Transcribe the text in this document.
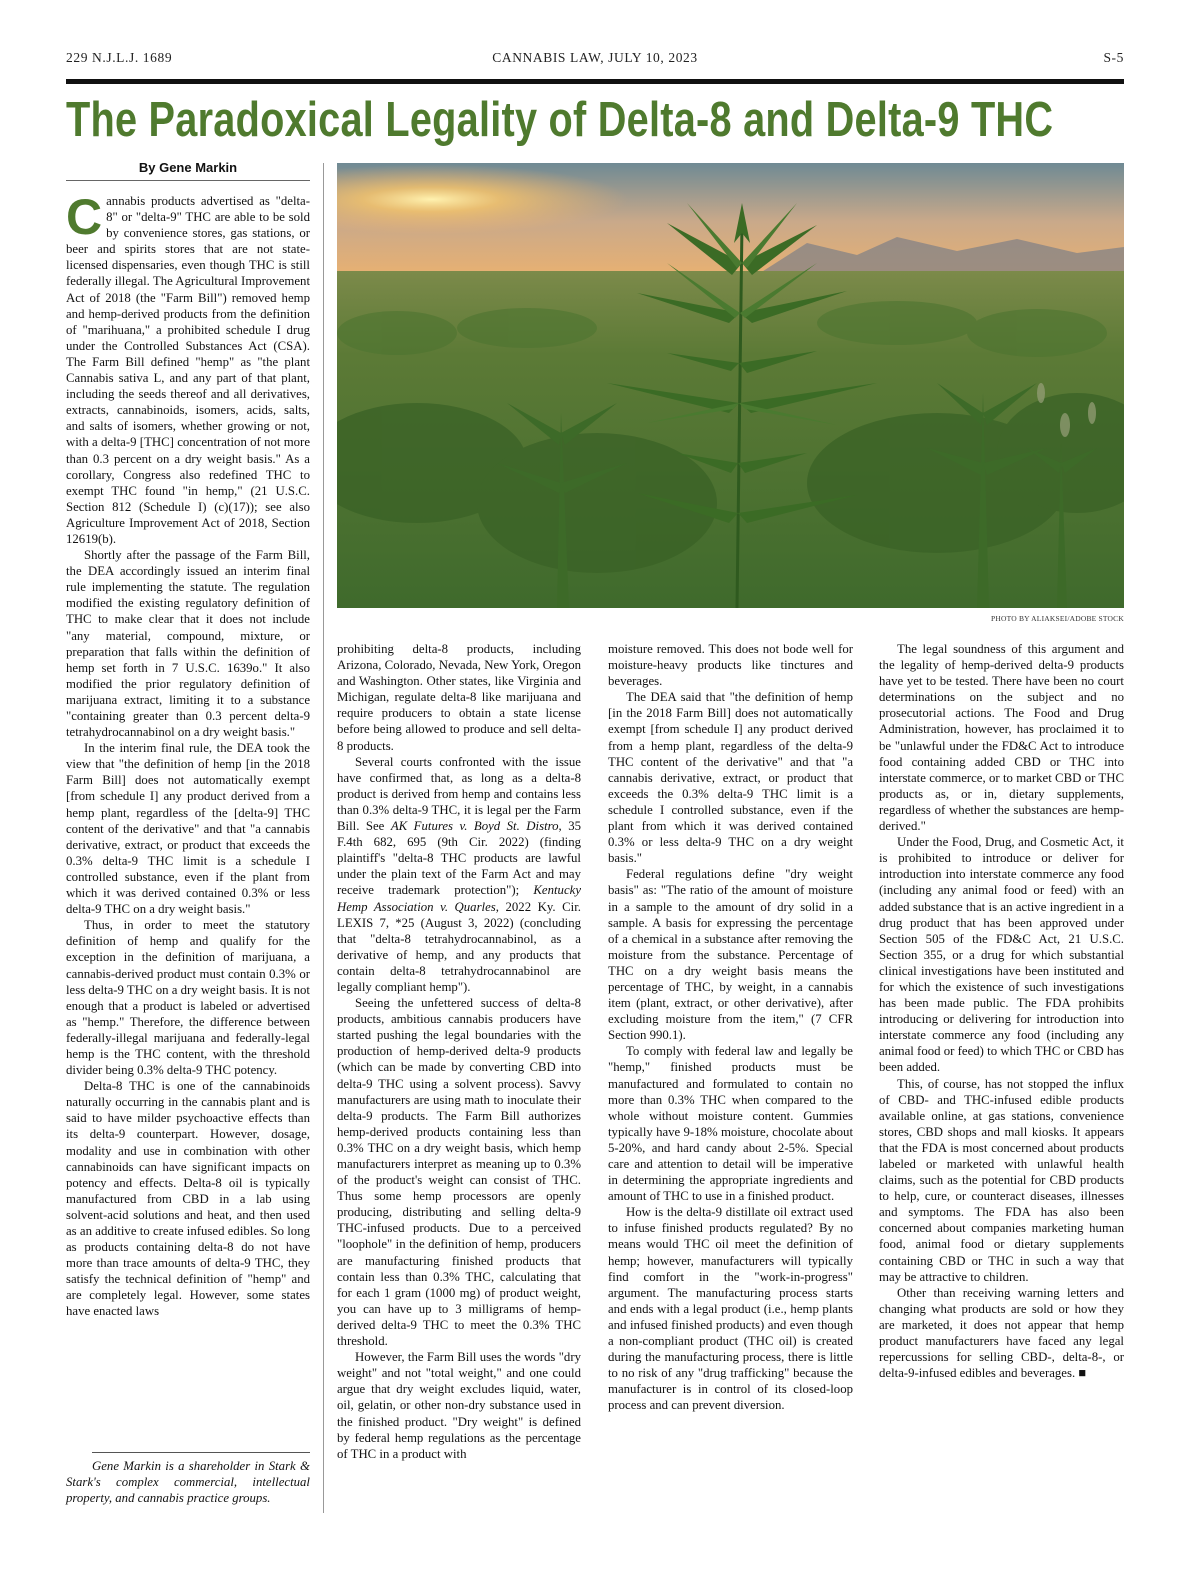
229 N.J.L.J. 1689	CANNABIS LAW, JULY 10, 2023	S-5
The Paradoxical Legality of Delta-8 and Delta-9 THC
By Gene Markin

Cannabis products advertised as "delta-8" or "delta-9" THC are able to be sold by convenience stores, gas stations, or beer and spirits stores that are not state-licensed dispensaries, even though THC is still federally illegal. The Agricultural Improvement Act of 2018 (the "Farm Bill") removed hemp and hemp-derived products from the definition of "marihuana," a prohibited schedule I drug under the Controlled Substances Act (CSA). The Farm Bill defined "hemp" as "the plant Cannabis sativa L, and any part of that plant, including the seeds thereof and all derivatives, extracts, cannabinoids, isomers, acids, salts, and salts of isomers, whether growing or not, with a delta-9 [THC] concentration of not more than 0.3 percent on a dry weight basis." As a corollary, Congress also redefined THC to exempt THC found "in hemp," (21 U.S.C. Section 812 (Schedule I) (c)(17)); see also Agriculture Improvement Act of 2018, Section 12619(b).

Shortly after the passage of the Farm Bill, the DEA accordingly issued an interim final rule implementing the statute. The regulation modified the existing regulatory definition of THC to make clear that it does not include "any material, compound, mixture, or preparation that falls within the definition of hemp set forth in 7 U.S.C. 1639o." It also modified the prior regulatory definition of marijuana extract, limiting it to a substance "containing greater than 0.3 percent delta-9 tetrahydrocannabinol on a dry weight basis."

In the interim final rule, the DEA took the view that "the definition of hemp [in the 2018 Farm Bill] does not automatically exempt [from schedule I] any product derived from a hemp plant, regardless of the [delta-9] THC content of the derivative" and that "a cannabis derivative, extract, or product that exceeds the 0.3% delta-9 THC limit is a schedule I controlled substance, even if the plant from which it was derived contained 0.3% or less delta-9 THC on a dry weight basis."

Thus, in order to meet the statutory definition of hemp and qualify for the exception in the definition of marijuana, a cannabis-derived product must contain 0.3% or less delta-9 THC on a dry weight basis. It is not enough that a product is labeled or advertised as "hemp." Therefore, the difference between federally-illegal marijuana and federally-legal hemp is the THC content, with the threshold divider being 0.3% delta-9 THC potency.

Delta-8 THC is one of the cannabinoids naturally occurring in the cannabis plant and is said to have milder psychoactive effects than its delta-9 counterpart. However, dosage, modality and use in combination with other cannabinoids can have significant impacts on potency and effects. Delta-8 oil is typically manufactured from CBD in a lab using solvent-acid solutions and heat, and then used as an additive to create infused edibles. So long as products containing delta-8 do not have more than trace amounts of delta-9 THC, they satisfy the technical definition of "hemp" and are completely legal. However, some states have enacted laws

Gene Markin is a shareholder in Stark & Stark's complex commercial, intellectual property, and cannabis practice groups.

PHOTO BY ALIAKSEI/ADOBE STOCK

prohibiting delta-8 products, including Arizona, Colorado, Nevada, New York, Oregon and Washington. Other states, like Virginia and Michigan, regulate delta-8 like marijuana and require producers to obtain a state license before being allowed to produce and sell delta-8 products.

Several courts confronted with the issue have confirmed that, as long as a delta-8 product is derived from hemp and contains less than 0.3% delta-9 THC, it is legal per the Farm Bill. See AK Futures v. Boyd St. Distro, 35 F.4th 682, 695 (9th Cir. 2022) (finding plaintiff's "delta-8 THC products are lawful under the plain text of the Farm Act and may receive trademark protection"); Kentucky Hemp Association v. Quarles, 2022 Ky. Cir. LEXIS 7, *25 (August 3, 2022) (concluding that "delta-8 tetrahydrocannabinol, as a derivative of hemp, and any products that contain delta-8 tetrahydrocannabinol are legally compliant hemp").

Seeing the unfettered success of delta-8 products, ambitious cannabis producers have started pushing the legal boundaries with the production of hemp-derived delta-9 products (which can be made by converting CBD into delta-9 THC using a solvent process). Savvy manufacturers are using math to inoculate their delta-9 products. The Farm Bill authorizes hemp-derived products containing less than 0.3% THC on a dry weight basis, which hemp manufacturers interpret as meaning up to 0.3% of the product's weight can consist of THC. Thus some hemp processors are openly producing, distributing and selling delta-9 THC-infused products. Due to a perceived "loophole" in the definition of hemp, producers are manufacturing finished products that contain less than 0.3% THC, calculating that for each 1 gram (1000 mg) of product weight, you can have up to 3 milligrams of hemp-derived delta-9 THC to meet the 0.3% THC threshold.

However, the Farm Bill uses the words "dry weight" and not "total weight," and one could argue that dry weight excludes liquid, water, oil, gelatin, or other non-dry substance used in the finished product. "Dry weight" is defined by federal hemp regulations as the percentage of THC in a product with

moisture removed. This does not bode well for moisture-heavy products like tinctures and beverages.

The DEA said that "the definition of hemp [in the 2018 Farm Bill] does not automatically exempt [from schedule I] any product derived from a hemp plant, regardless of the delta-9 THC content of the derivative" and that "a cannabis derivative, extract, or product that exceeds the 0.3% delta-9 THC limit is a schedule I controlled substance, even if the plant from which it was derived contained 0.3% or less delta-9 THC on a dry weight basis."

Federal regulations define "dry weight basis" as: "The ratio of the amount of moisture in a sample to the amount of dry solid in a sample. A basis for expressing the percentage of a chemical in a substance after removing the moisture from the substance. Percentage of THC on a dry weight basis means the percentage of THC, by weight, in a cannabis item (plant, extract, or other derivative), after excluding moisture from the item," (7 CFR Section 990.1).

To comply with federal law and legally be "hemp," finished products must be manufactured and formulated to contain no more than 0.3% THC when compared to the whole without moisture content. Gummies typically have 9-18% moisture, chocolate about 5-20%, and hard candy about 2-5%. Special care and attention to detail will be imperative in determining the appropriate ingredients and amount of THC to use in a finished product.

How is the delta-9 distillate oil extract used to infuse finished products regulated? By no means would THC oil meet the definition of hemp; however, manufacturers will typically find comfort in the "work-in-progress" argument. The manufacturing process starts and ends with a legal product (i.e., hemp plants and infused finished products) and even though a non-compliant product (THC oil) is created during the manufacturing process, there is little to no risk of any "drug trafficking" because the manufacturer is in control of its closed-loop process and can prevent diversion.

The legal soundness of this argument and the legality of hemp-derived delta-9 products have yet to be tested. There have been no court determinations on the subject and no prosecutorial actions. The Food and Drug Administration, however, has proclaimed it to be "unlawful under the FD&C Act to introduce food containing added CBD or THC into interstate commerce, or to market CBD or THC products as, or in, dietary supplements, regardless of whether the substances are hemp-derived."

Under the Food, Drug, and Cosmetic Act, it is prohibited to introduce or deliver for introduction into interstate commerce any food (including any animal food or feed) with an added substance that is an active ingredient in a drug product that has been approved under Section 505 of the FD&C Act, 21 U.S.C. Section 355, or a drug for which substantial clinical investigations have been instituted and for which the existence of such investigations has been made public. The FDA prohibits introducing or delivering for introduction into interstate commerce any food (including any animal food or feed) to which THC or CBD has been added.

This, of course, has not stopped the influx of CBD- and THC-infused edible products available online, at gas stations, convenience stores, CBD shops and mall kiosks. It appears that the FDA is most concerned about products labeled or marketed with unlawful health claims, such as the potential for CBD products to help, cure, or counteract diseases, illnesses and symptoms. The FDA has also been concerned about companies marketing human food, animal food or dietary supplements containing CBD or THC in such a way that may be attractive to children.

Other than receiving warning letters and changing what products are sold or how they are marketed, it does not appear that hemp product manufacturers have faced any legal repercussions for selling CBD-, delta-8-, or delta-9-infused edibles and beverages. ■
